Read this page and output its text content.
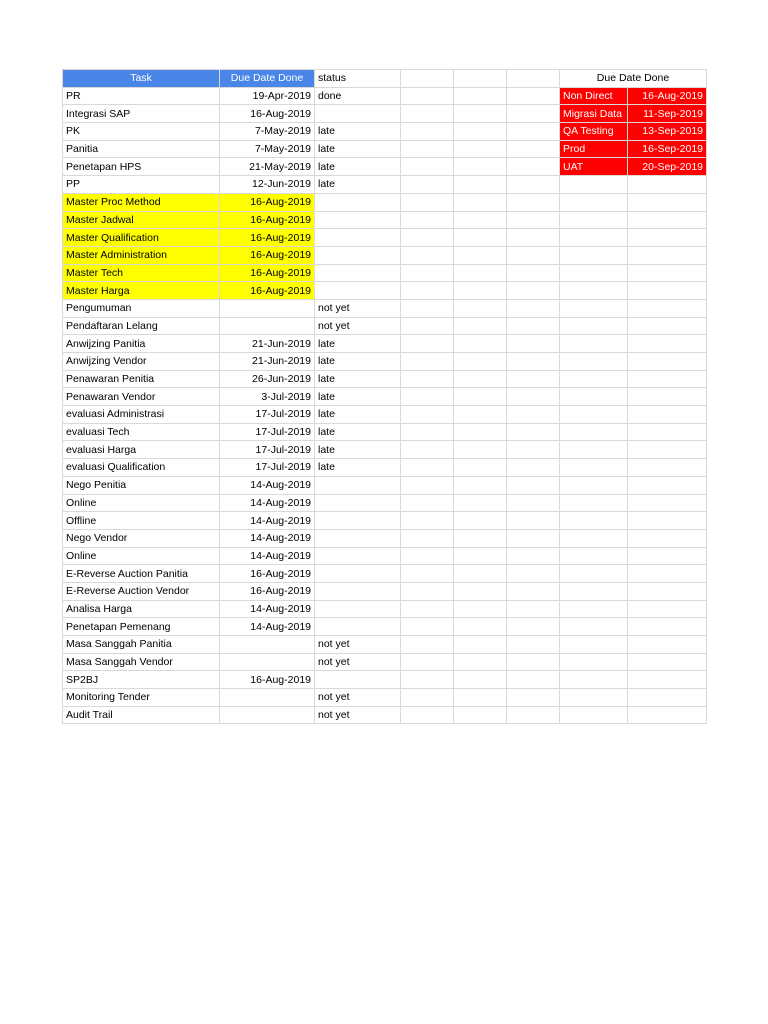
Task	Due Date Done	status				Due Date Done	
PR	19-Apr-2019	done				Non Direct	16-Aug-2019
Integrasi SAP	16-Aug-2019					Migrasi Data	11-Sep-2019
PK	7-May-2019	late				QA Testing	13-Sep-2019
Panitia	7-May-2019	late				Prod	16-Sep-2019
Penetapan HPS	21-May-2019	late				UAT	20-Sep-2019
PP	12-Jun-2019	late					
Master Proc Method	16-Aug-2019						
Master Jadwal	16-Aug-2019						
Master Qualification	16-Aug-2019						
Master Administration	16-Aug-2019						
Master Tech	16-Aug-2019						
Master Harga	16-Aug-2019						
Pengumuman		not yet					
Pendaftaran Lelang		not yet					
Anwijzing Panitia	21-Jun-2019	late					
Anwijzing Vendor	21-Jun-2019	late					
Penawaran Penitia	26-Jun-2019	late					
Penawaran Vendor	3-Jul-2019	late					
evaluasi Administrasi	17-Jul-2019	late					
evaluasi Tech	17-Jul-2019	late					
evaluasi Harga	17-Jul-2019	late					
evaluasi Qualification	17-Jul-2019	late					
Nego Penitia	14-Aug-2019						
Online	14-Aug-2019						
Offline	14-Aug-2019						
Nego Vendor	14-Aug-2019						
Online	14-Aug-2019						
E-Reverse Auction Panitia	16-Aug-2019						
E-Reverse Auction Vendor	16-Aug-2019						
Analisa Harga	14-Aug-2019						
Penetapan Pemenang	14-Aug-2019						
Masa Sanggah Panitia		not yet					
Masa Sanggah Vendor		not yet					
SP2BJ	16-Aug-2019						
Monitoring Tender		not yet					
Audit Trail		not yet					
